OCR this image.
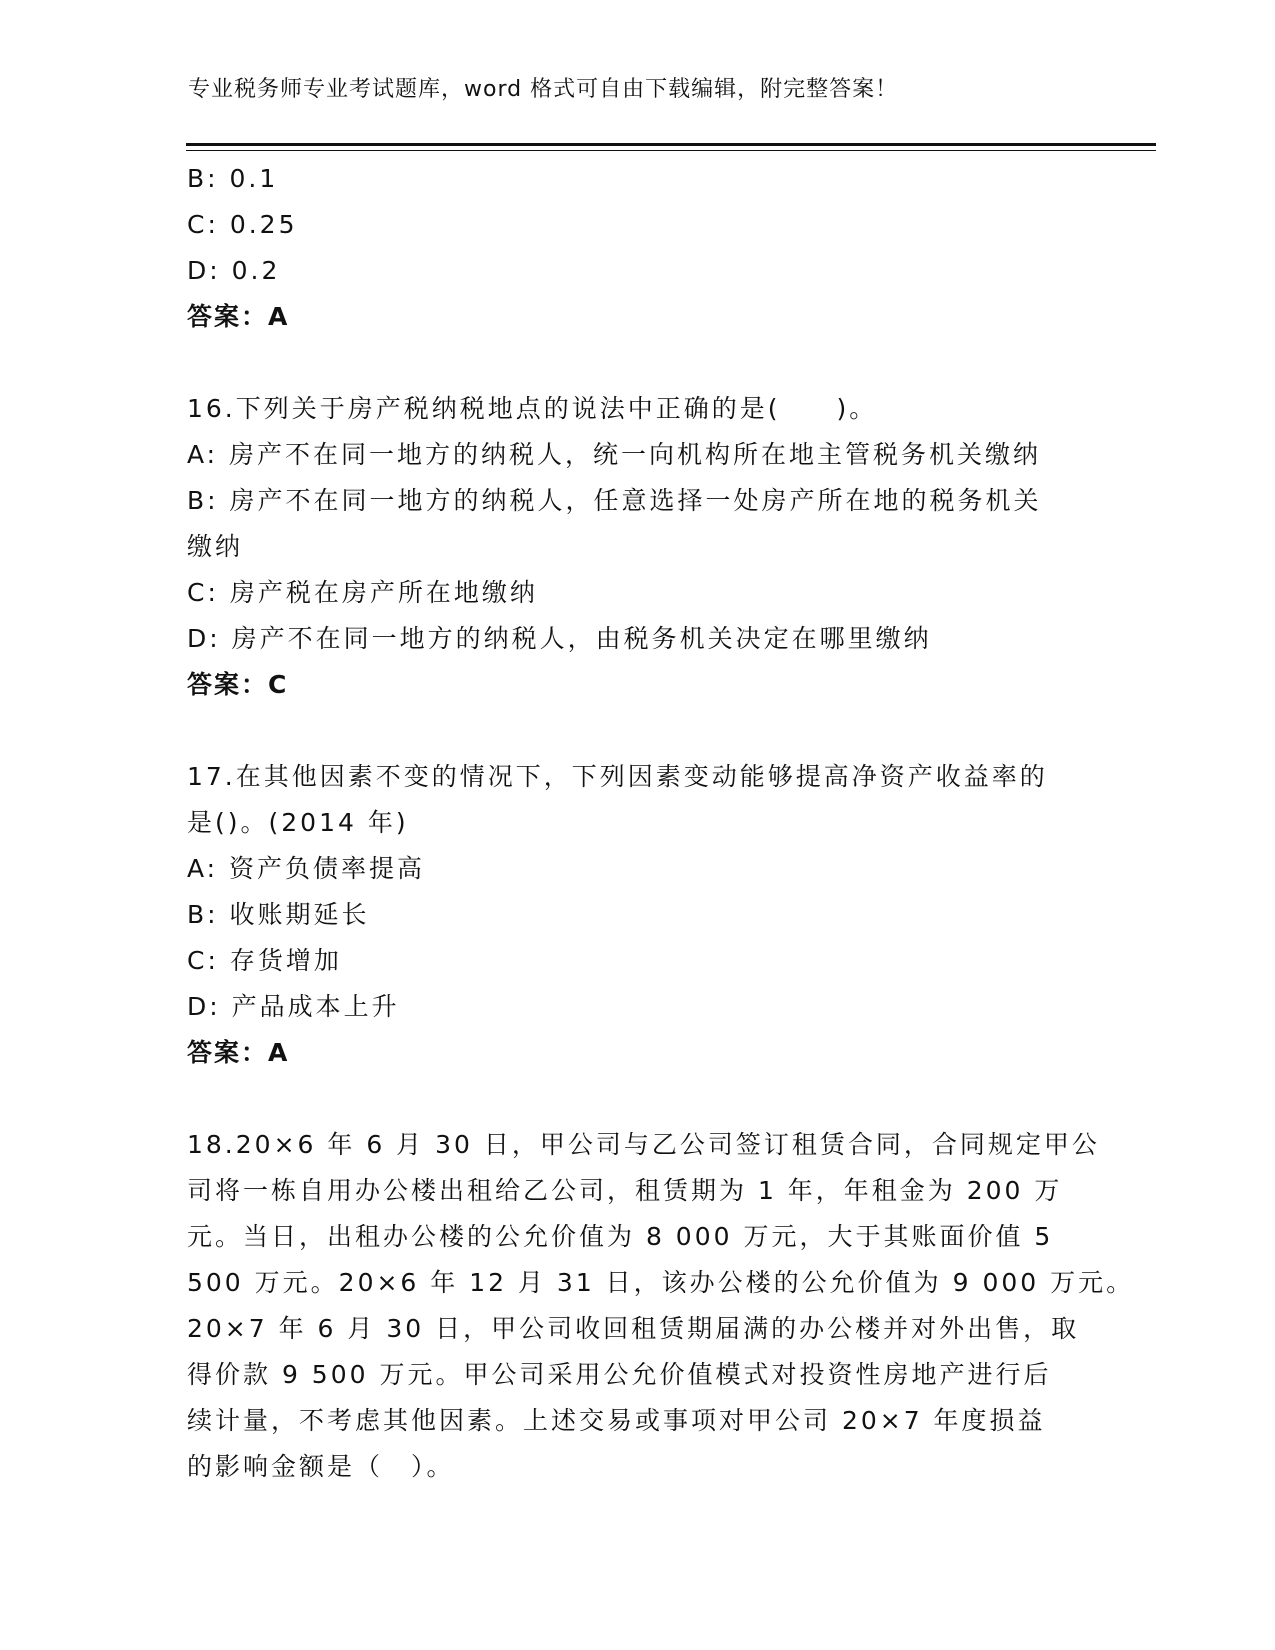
专业税务师专业考试题库，word 格式可自由下载编辑，附完整答案！
B: 0.1
C: 0.25
D: 0.2
答案：A
16.下列关于房产税纳税地点的说法中正确的是(　　)。
A: 房产不在同一地方的纳税人，统一向机构所在地主管税务机关缴纳
B: 房产不在同一地方的纳税人，任意选择一处房产所在地的税务机关
缴纳
C: 房产税在房产所在地缴纳
D: 房产不在同一地方的纳税人，由税务机关决定在哪里缴纳
答案：C
17.在其他因素不变的情况下，下列因素变动能够提高净资产收益率的
是()。(2014 年)
A: 资产负债率提高
B: 收账期延长
C: 存货增加
D: 产品成本上升
答案：A
18.20×6 年 6 月 30 日，甲公司与乙公司签订租赁合同，合同规定甲公
司将一栋自用办公楼出租给乙公司，租赁期为 1 年，年租金为 200 万
元。当日，出租办公楼的公允价值为 8 000 万元，大于其账面价值 5
500 万元。20×6 年 12 月 31 日，该办公楼的公允价值为 9 000 万元。
20×7 年 6 月 30 日，甲公司收回租赁期届满的办公楼并对外出售，取
得价款 9 500 万元。甲公司采用公允价值模式对投资性房地产进行后
续计量，不考虑其他因素。上述交易或事项对甲公司 20×7 年度损益
的影响金额是（　）。
